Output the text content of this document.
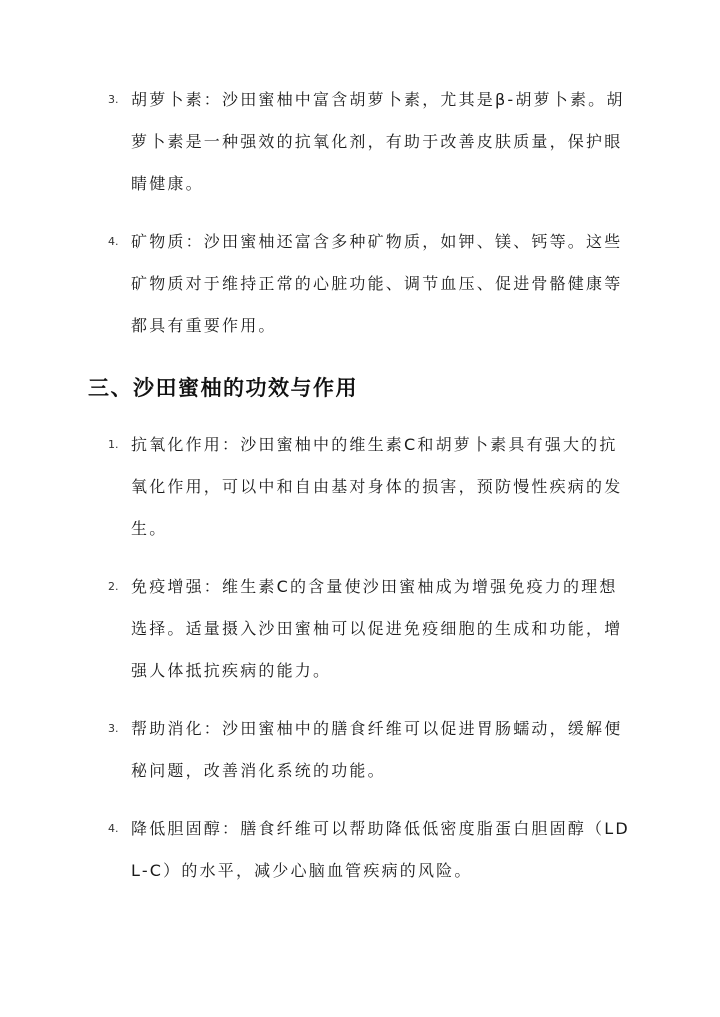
3. 胡萝卜素：沙田蜜柚中富含胡萝卜素，尤其是β-胡萝卜素。胡萝卜素是一种强效的抗氧化剂，有助于改善皮肤质量，保护眼睛健康。
4. 矿物质：沙田蜜柚还富含多种矿物质，如钾、镁、钙等。这些矿物质对于维持正常的心脏功能、调节血压、促进骨骼健康等都具有重要作用。
三、沙田蜜柚的功效与作用
1. 抗氧化作用：沙田蜜柚中的维生素C和胡萝卜素具有强大的抗氧化作用，可以中和自由基对身体的损害，预防慢性疾病的发生。
2. 免疫增强：维生素C的含量使沙田蜜柚成为增强免疫力的理想选择。适量摄入沙田蜜柚可以促进免疫细胞的生成和功能，增强人体抵抗疾病的能力。
3. 帮助消化：沙田蜜柚中的膳食纤维可以促进胃肠蠕动，缓解便秘问题，改善消化系统的功能。
4. 降低胆固醇：膳食纤维可以帮助降低低密度脂蛋白胆固醇（LDL-C）的水平，减少心脑血管疾病的风险。
